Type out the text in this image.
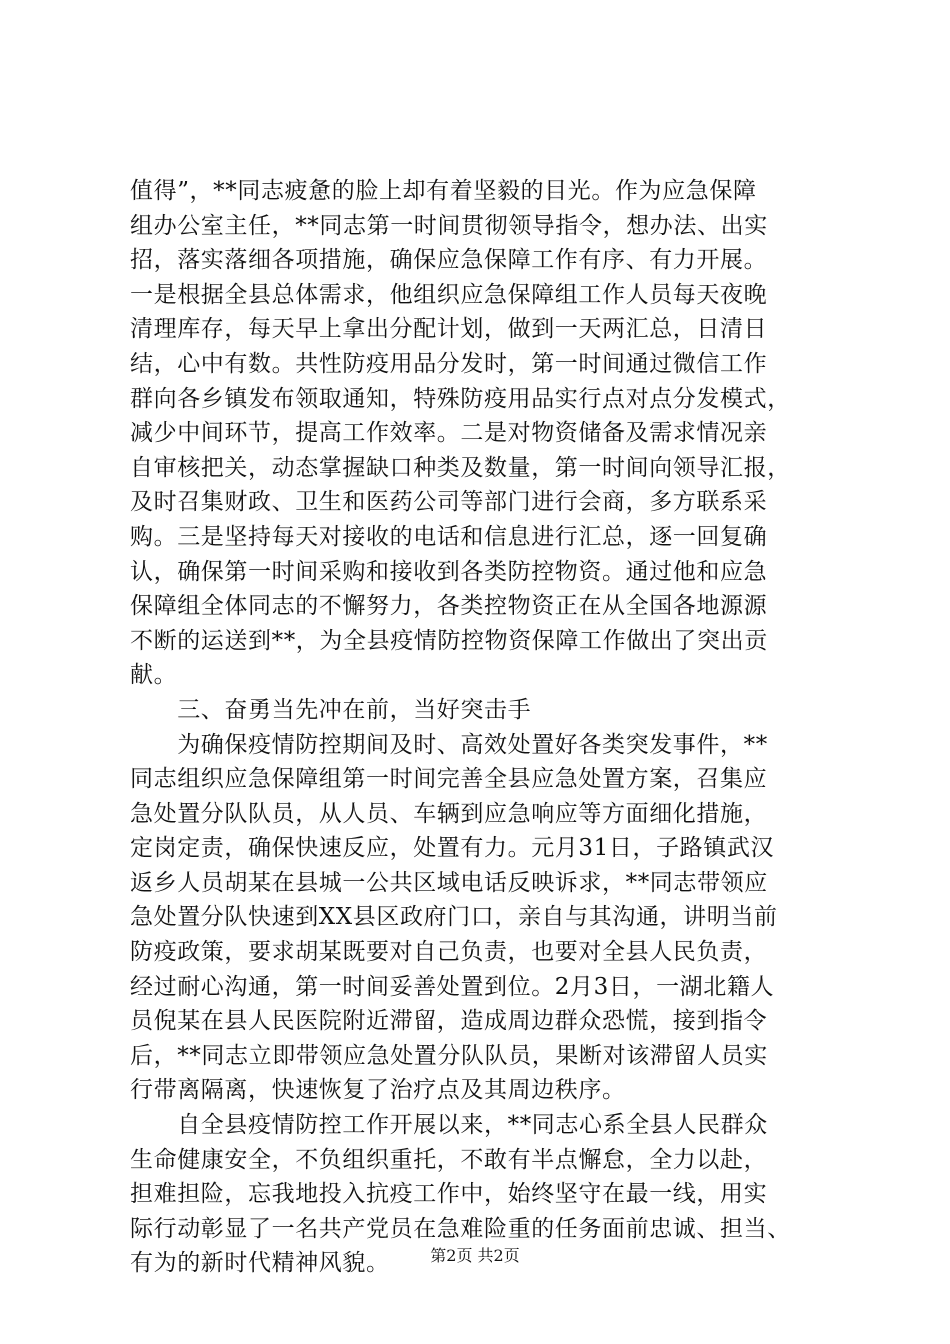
值得”，**同志疲惫的脸上却有着坚毅的目光。作为应急保障
组办公室主任，**同志第一时间贯彻领导指令，想办法、出实
招，落实落细各项措施，确保应急保障工作有序、有力开展。
一是根据全县总体需求，他组织应急保障组工作人员每天夜晚
清理库存，每天早上拿出分配计划，做到一天两汇总，日清日
结，心中有数。共性防疫用品分发时，第一时间通过微信工作
群向各乡镇发布领取通知，特殊防疫用品实行点对点分发模式，
减少中间环节，提高工作效率。二是对物资储备及需求情况亲
自审核把关，动态掌握缺口种类及数量，第一时间向领导汇报，
及时召集财政、卫生和医药公司等部门进行会商，多方联系采
购。三是坚持每天对接收的电话和信息进行汇总，逐一回复确
认，确保第一时间采购和接收到各类防控物资。通过他和应急
保障组全体同志的不懈努力，各类控物资正在从全国各地源源
不断的运送到**，为全县疫情防控物资保障工作做出了突出贡
献。
　　三、奋勇当先冲在前，当好突击手
　　为确保疫情防控期间及时、高效处置好各类突发事件，**
同志组织应急保障组第一时间完善全县应急处置方案，召集应
急处置分队队员，从人员、车辆到应急响应等方面细化措施，
定岗定责，确保快速反应，处置有力。元月31日，子路镇武汉
返乡人员胡某在县城一公共区域电话反映诉求，**同志带领应
急处置分队快速到XX县区政府门口，亲自与其沟通，讲明当前
防疫政策，要求胡某既要对自己负责，也要对全县人民负责，
经过耐心沟通，第一时间妥善处置到位。2月3日，一湖北籍人
员倪某在县人民医院附近滞留，造成周边群众恐慌，接到指令
后，**同志立即带领应急处置分队队员，果断对该滞留人员实
行带离隔离，快速恢复了治疗点及其周边秩序。
　　自全县疫情防控工作开展以来，**同志心系全县人民群众
生命健康安全，不负组织重托，不敢有半点懈怠，全力以赴，
担难担险，忘我地投入抗疫工作中，始终坚守在最一线，用实
际行动彰显了一名共产党员在急难险重的任务面前忠诚、担当、
有为的新时代精神风貌。	第2页 共2页
